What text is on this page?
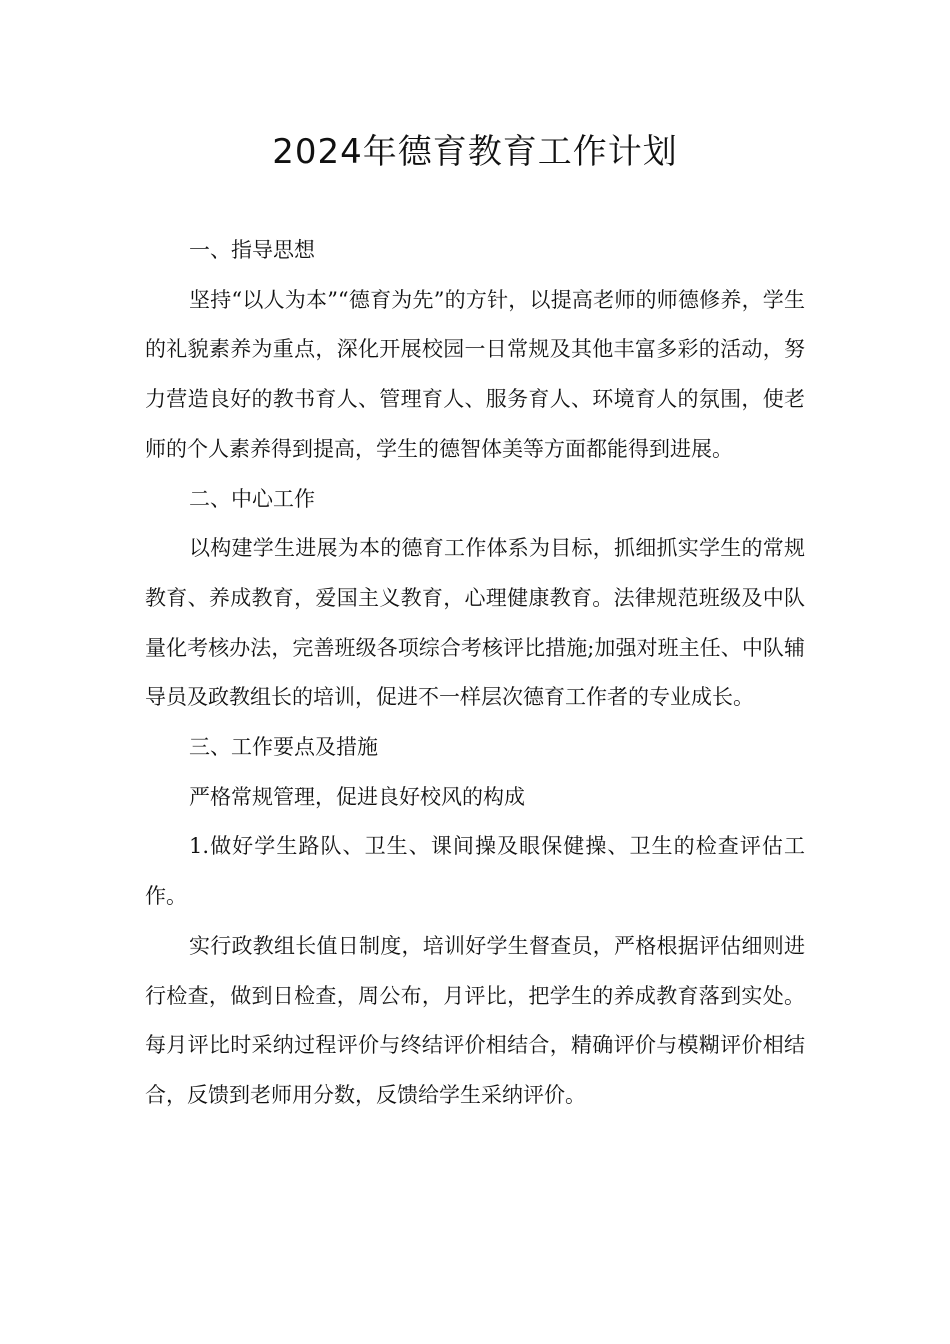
2024年德育教育工作计划

一、指导思想

坚持“以人为本”“德育为先”的方针，以提高老师的师德修养，学生的礼貌素养为重点，深化开展校园一日常规及其他丰富多彩的活动，努力营造良好的教书育人、管理育人、服务育人、环境育人的氛围，使老师的个人素养得到提高，学生的德智体美等方面都能得到进展。

二、中心工作

以构建学生进展为本的德育工作体系为目标，抓细抓实学生的常规教育、养成教育，爱国主义教育，心理健康教育。法律规范班级及中队量化考核办法，完善班级各项综合考核评比措施;加强对班主任、中队辅导员及政教组长的培训，促进不一样层次德育工作者的专业成长。

三、工作要点及措施

严格常规管理，促进良好校风的构成

1.做好学生路队、卫生、课间操及眼保健操、卫生的检查评估工作。

实行政教组长值日制度，培训好学生督查员，严格根据评估细则进行检查，做到日检查，周公布，月评比，把学生的养成教育落到实处。每月评比时采纳过程评价与终结评价相结合，精确评价与模糊评价相结合，反馈到老师用分数，反馈给学生采纳评价。
